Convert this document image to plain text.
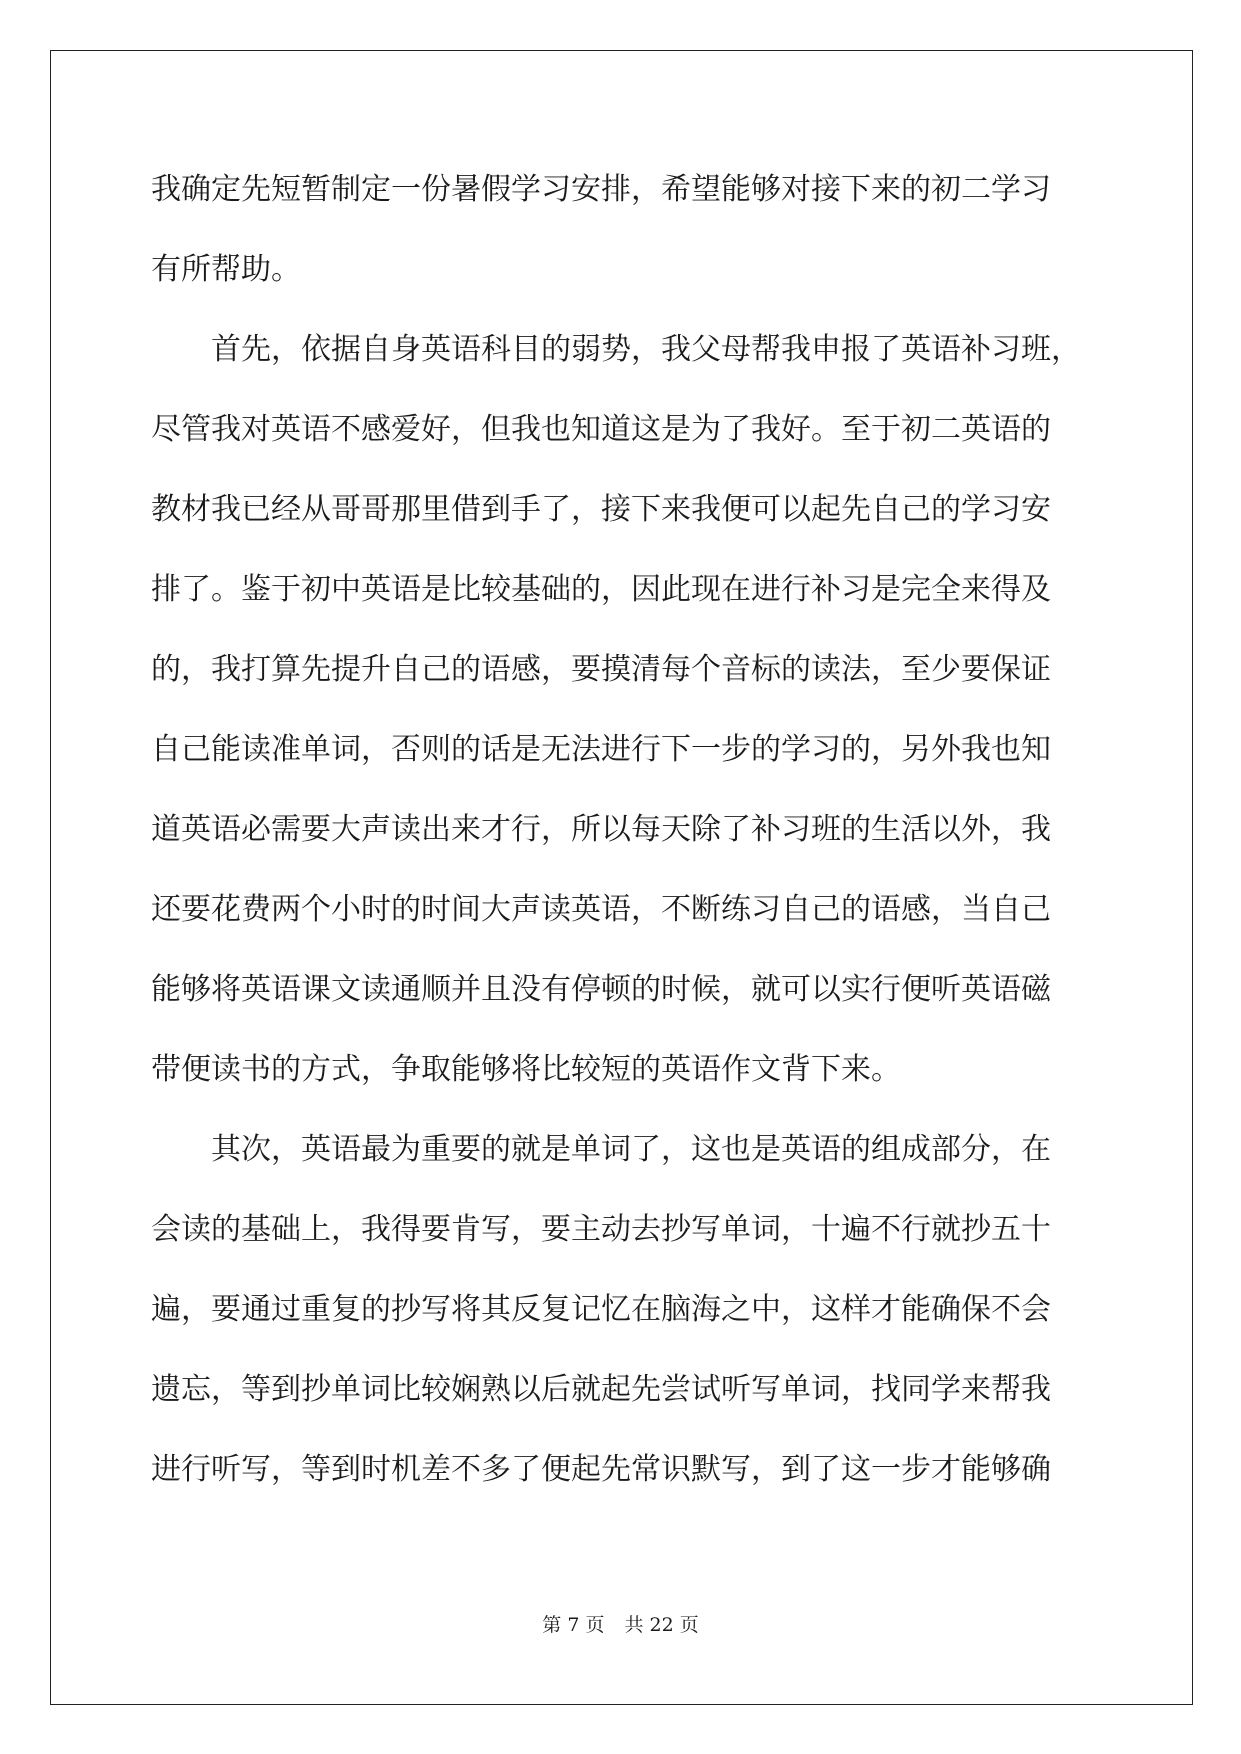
我确定先短暂制定一份暑假学习安排，希望能够对接下来的初二学习
有所帮助。
　　首先，依据自身英语科目的弱势，我父母帮我申报了英语补习班，
尽管我对英语不感爱好，但我也知道这是为了我好。至于初二英语的
教材我已经从哥哥那里借到手了，接下来我便可以起先自己的学习安
排了。鉴于初中英语是比较基础的，因此现在进行补习是完全来得及
的，我打算先提升自己的语感，要摸清每个音标的读法，至少要保证
自己能读准单词，否则的话是无法进行下一步的学习的，另外我也知
道英语必需要大声读出来才行，所以每天除了补习班的生活以外，我
还要花费两个小时的时间大声读英语，不断练习自己的语感，当自己
能够将英语课文读通顺并且没有停顿的时候，就可以实行便听英语磁
带便读书的方式，争取能够将比较短的英语作文背下来。
　　其次，英语最为重要的就是单词了，这也是英语的组成部分，在
会读的基础上，我得要肯写，要主动去抄写单词，十遍不行就抄五十
遍，要通过重复的抄写将其反复记忆在脑海之中，这样才能确保不会
遗忘，等到抄单词比较娴熟以后就起先尝试听写单词，找同学来帮我
进行听写，等到时机差不多了便起先常识默写，到了这一步才能够确
第 7 页 共 22 页
